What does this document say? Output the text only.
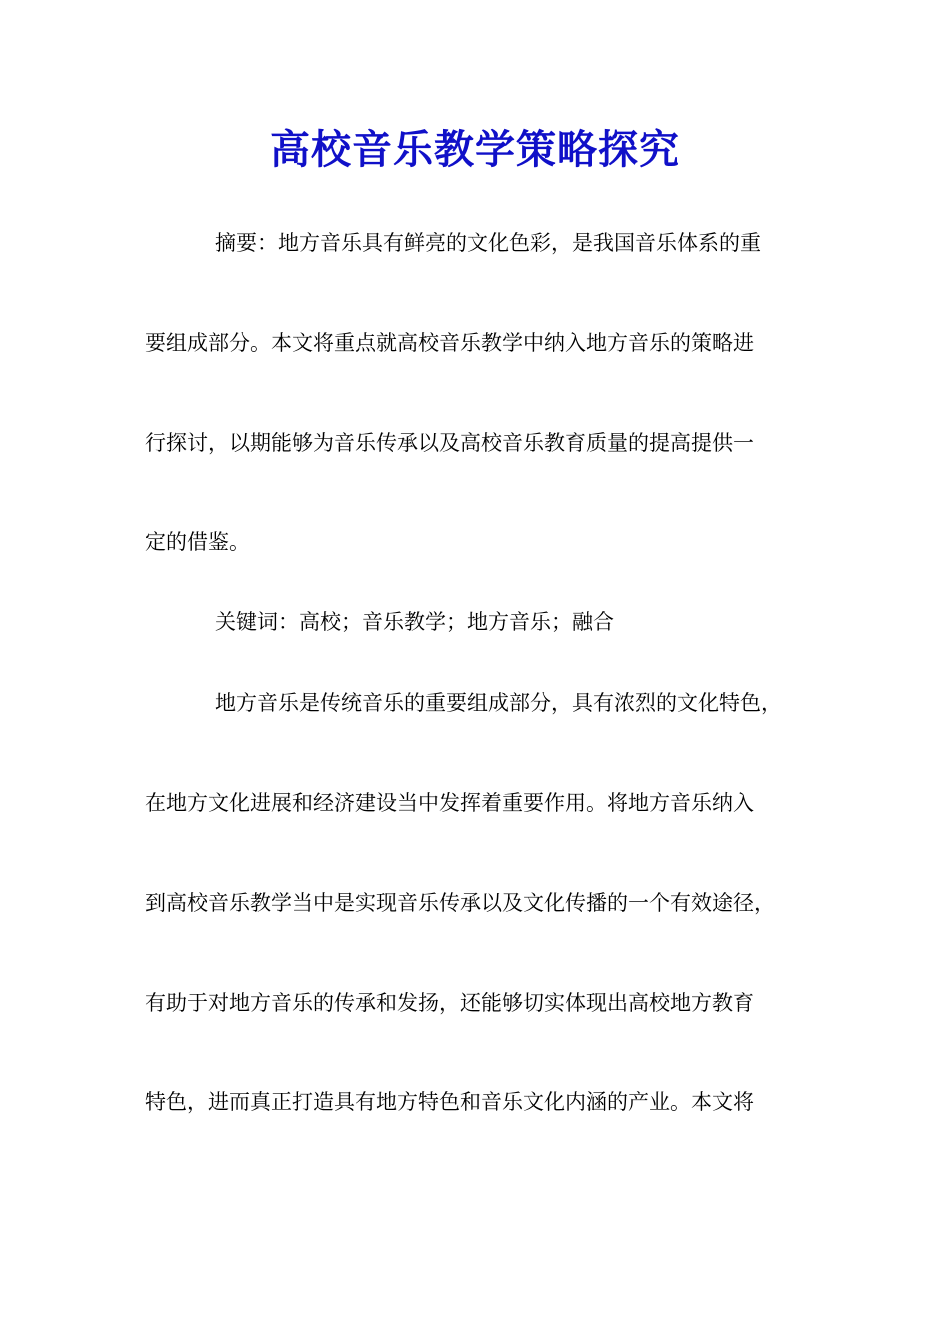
高校音乐教学策略探究

摘要：地方音乐具有鲜亮的文化色彩，是我国音乐体系的重

要组成部分。本文将重点就高校音乐教学中纳入地方音乐的策略进

行探讨，以期能够为音乐传承以及高校音乐教育质量的提高提供一

定的借鉴。

关键词：高校；音乐教学；地方音乐；融合

地方音乐是传统音乐的重要组成部分，具有浓烈的文化特色，

在地方文化进展和经济建设当中发挥着重要作用。将地方音乐纳入

到高校音乐教学当中是实现音乐传承以及文化传播的一个有效途径，

有助于对地方音乐的传承和发扬，还能够切实体现出高校地方教育

特色，进而真正打造具有地方特色和音乐文化内涵的产业。本文将
